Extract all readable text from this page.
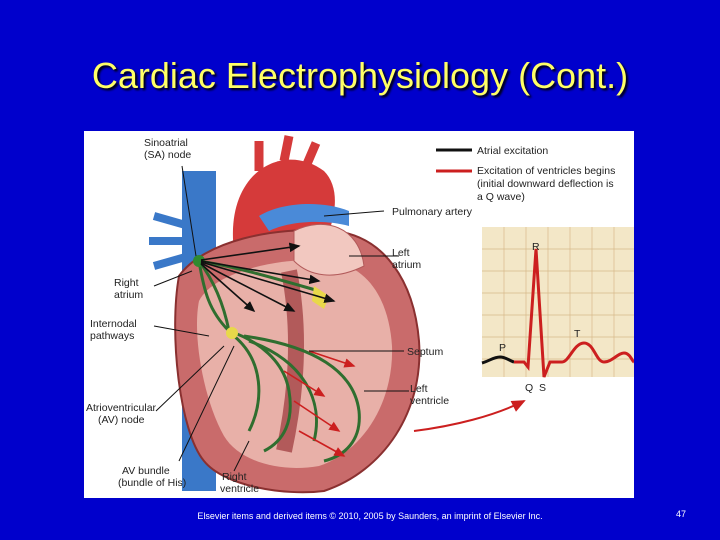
Cardiac Electrophysiology (Cont.)
Atrial excitation
Excitation of ventricles begins
(initial downward deflection is
a Q wave)
Sinoatrial
(SA) node
Right
atrium
Internodal
pathways
Atrioventricular
(AV) node
AV bundle
(bundle of His)	Right
ventricle
Pulmonary artery
Left
atrium
Septum
Left
ventricle
R
P
T
Q S
Elsevier items and derived items © 2010, 2005 by Saunders, an imprint of Elsevier Inc.	47
